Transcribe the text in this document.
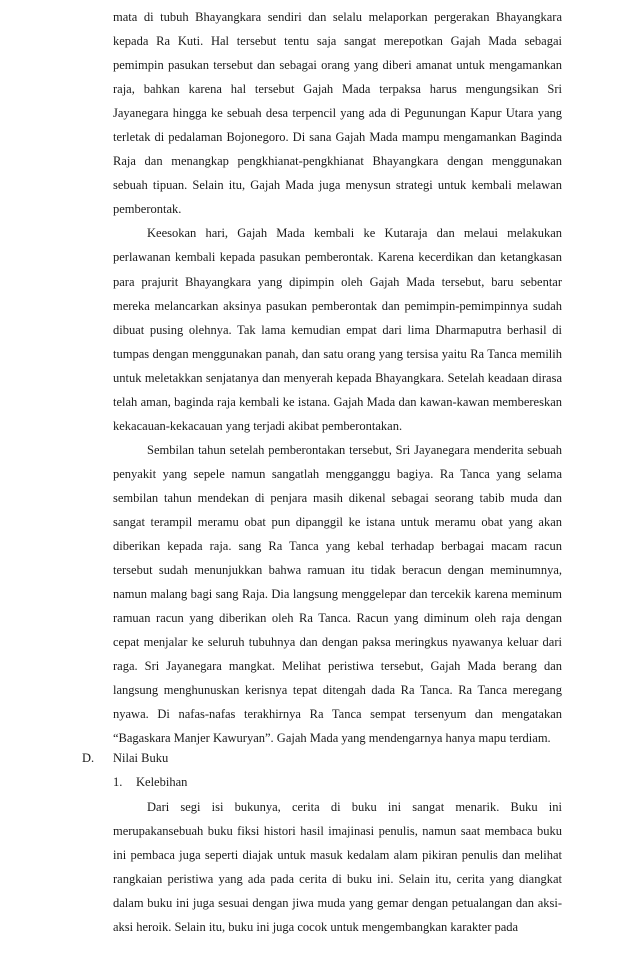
mata di tubuh Bhayangkara sendiri dan selalu melaporkan pergerakan Bhayangkara kepada Ra Kuti. Hal tersebut tentu saja sangat merepotkan Gajah Mada sebagai pemimpin pasukan tersebut dan sebagai orang yang diberi amanat untuk mengamankan raja, bahkan karena hal tersebut Gajah Mada terpaksa harus mengungsikan Sri Jayanegara hingga ke sebuah desa terpencil yang ada di Pegunungan Kapur Utara yang terletak di pedalaman Bojonegoro. Di sana Gajah Mada mampu mengamankan Baginda Raja dan menangkap pengkhianat-pengkhianat Bhayangkara dengan menggunakan sebuah tipuan. Selain itu, Gajah Mada juga menysun strategi untuk kembali melawan pemberontak.

Keesokan hari, Gajah Mada kembali ke Kutaraja dan melaui melakukan perlawanan kembali kepada pasukan pemberontak. Karena kecerdikan dan ketangkasan para prajurit Bhayangkara yang dipimpin oleh Gajah Mada tersebut, baru sebentar mereka melancarkan aksinya pasukan pemberontak dan pemimpin-pemimpinnya sudah dibuat pusing olehnya. Tak lama kemudian empat dari lima Dharmaputra berhasil di tumpas dengan menggunakan panah, dan satu orang yang tersisa yaitu Ra Tanca memilih untuk meletakkan senjatanya dan menyerah kepada Bhayangkara. Setelah keadaan dirasa telah aman, baginda raja kembali ke istana. Gajah Mada dan kawan-kawan membereskan kekacauan-kekacauan yang terjadi akibat pemberontakan.

Sembilan tahun setelah pemberontakan tersebut, Sri Jayanegara menderita sebuah penyakit yang sepele namun sangatlah mengganggu bagiya. Ra Tanca yang selama sembilan tahun mendekan di penjara masih dikenal sebagai seorang tabib muda dan sangat terampil meramu obat pun dipanggil ke istana untuk meramu obat yang akan diberikan kepada raja. sang Ra Tanca yang kebal terhadap berbagai macam racun tersebut sudah menunjukkan bahwa ramuan itu tidak beracun dengan meminumnya, namun malang bagi sang Raja. Dia langsung menggelepar dan tercekik karena meminum ramuan racun yang diberikan oleh Ra Tanca. Racun yang diminum oleh raja dengan cepat menjalar ke seluruh tubuhnya dan dengan paksa meringkus nyawanya keluar dari raga. Sri Jayanegara mangkat. Melihat peristiwa tersebut, Gajah Mada berang dan langsung menghunuskan kerisnya tepat ditengah dada Ra Tanca. Ra Tanca meregang nyawa. Di nafas-nafas terakhirnya Ra Tanca sempat tersenyum dan mengatakan “Bagaskara Manjer Kawuryan”. Gajah Mada yang mendengarnya hanya mapu terdiam.

D. Nilai Buku
1. Kelebihan

Dari segi isi bukunya, cerita di buku ini sangat menarik. Buku ini merupakansebuah buku fiksi histori hasil imajinasi penulis, namun saat membaca buku ini pembaca juga seperti diajak untuk masuk kedalam alam pikiran penulis dan melihat rangkaian peristiwa yang ada pada cerita di buku ini. Selain itu, cerita yang diangkat dalam buku ini juga sesuai dengan jiwa muda yang gemar dengan petualangan dan aksi-aksi heroik. Selain itu, buku ini juga cocok untuk mengembangkan karakter pada
